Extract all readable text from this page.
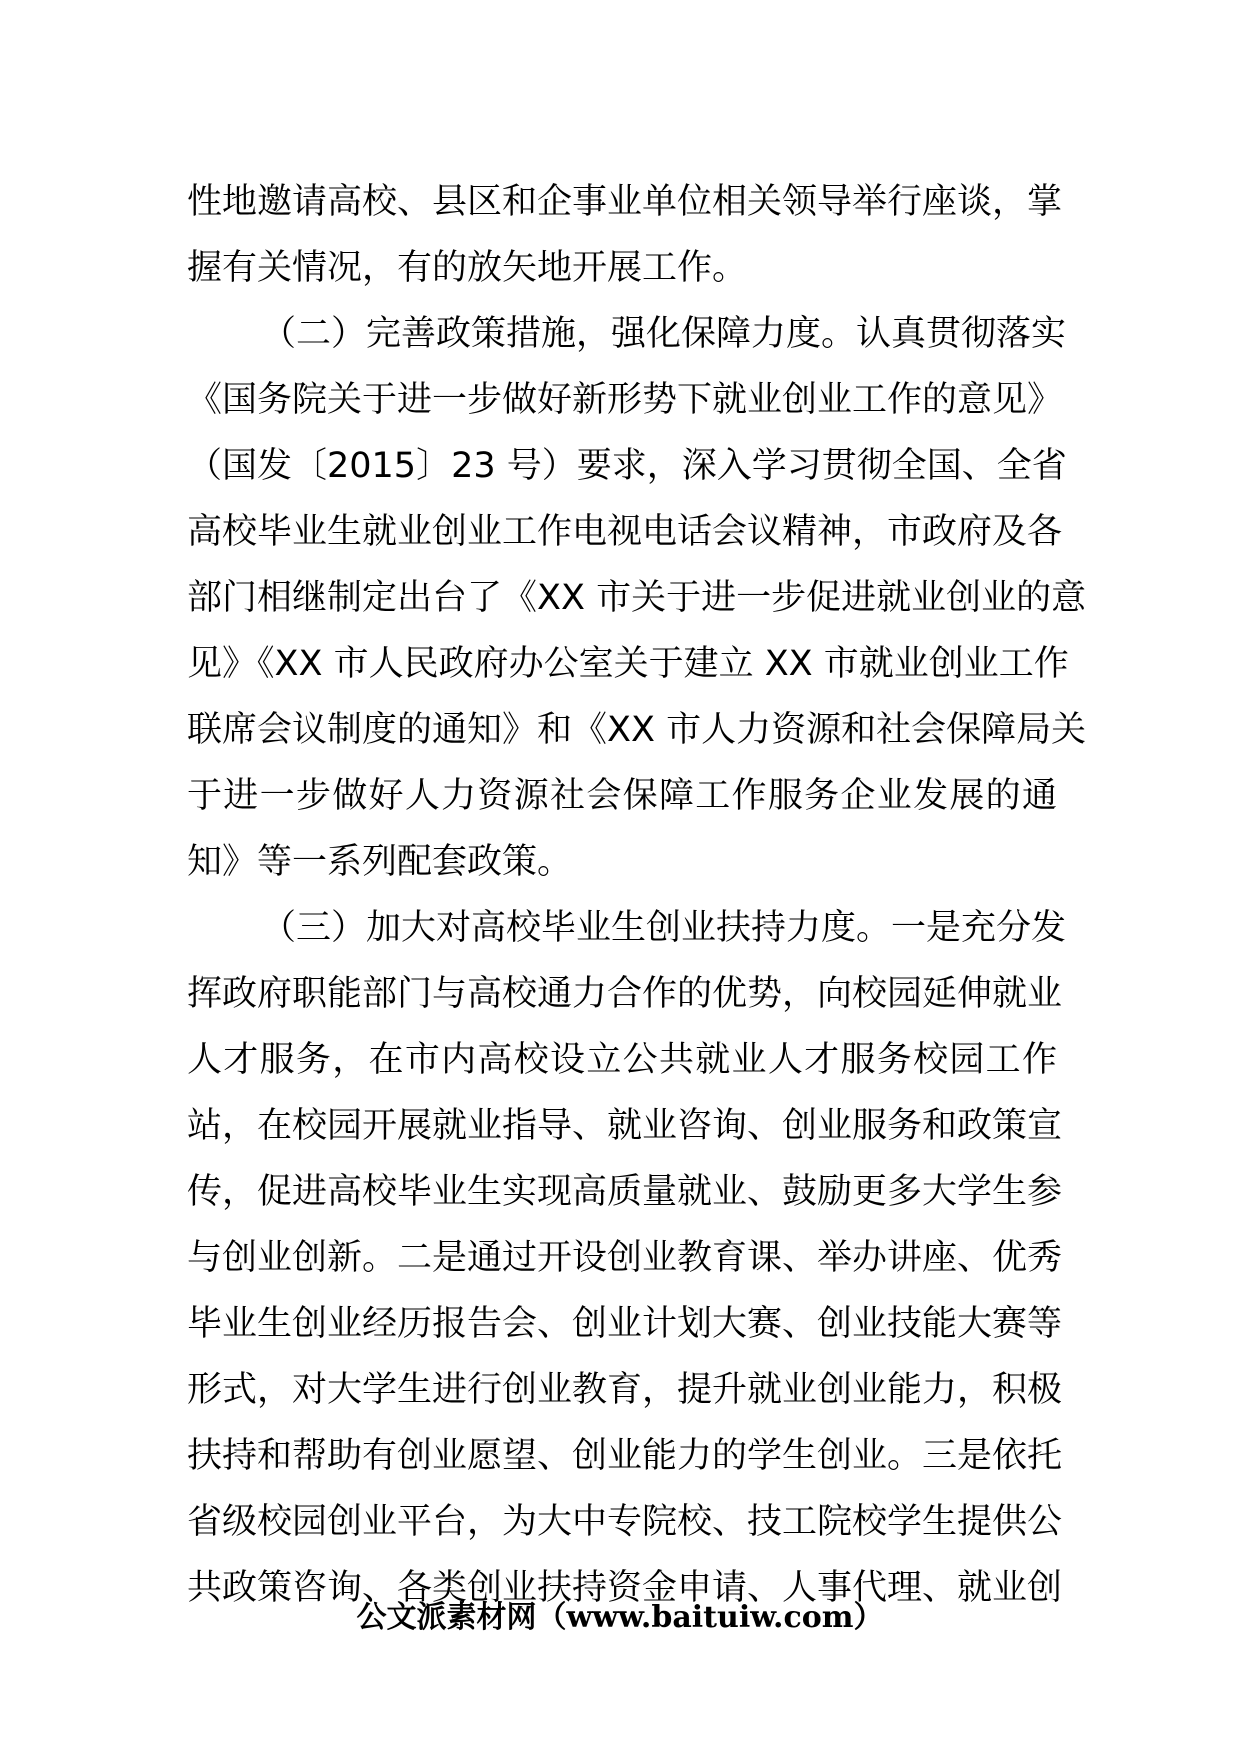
性地邀请高校、县区和企事业单位相关领导举行座谈，掌
握有关情况，有的放矢地开展工作。
（二）完善政策措施，强化保障力度。认真贯彻落实
《国务院关于进一步做好新形势下就业创业工作的意见》
（国发〔2015〕23 号）要求，深入学习贯彻全国、全省
高校毕业生就业创业工作电视电话会议精神，市政府及各
部门相继制定出台了《XX 市关于进一步促进就业创业的意
见》《XX 市人民政府办公室关于建立 XX 市就业创业工作
联席会议制度的通知》和《XX 市人力资源和社会保障局关
于进一步做好人力资源社会保障工作服务企业发展的通
知》等一系列配套政策。
（三）加大对高校毕业生创业扶持力度。一是充分发
挥政府职能部门与高校通力合作的优势，向校园延伸就业
人才服务，在市内高校设立公共就业人才服务校园工作
站，在校园开展就业指导、就业咨询、创业服务和政策宣
传，促进高校毕业生实现高质量就业、鼓励更多大学生参
与创业创新。二是通过开设创业教育课、举办讲座、优秀
毕业生创业经历报告会、创业计划大赛、创业技能大赛等
形式，对大学生进行创业教育，提升就业创业能力，积极
扶持和帮助有创业愿望、创业能力的学生创业。三是依托
省级校园创业平台，为大中专院校、技工院校学生提供公
共政策咨询、各类创业扶持资金申请、人事代理、就业创
公文派素材网（www.baituiw.com）
